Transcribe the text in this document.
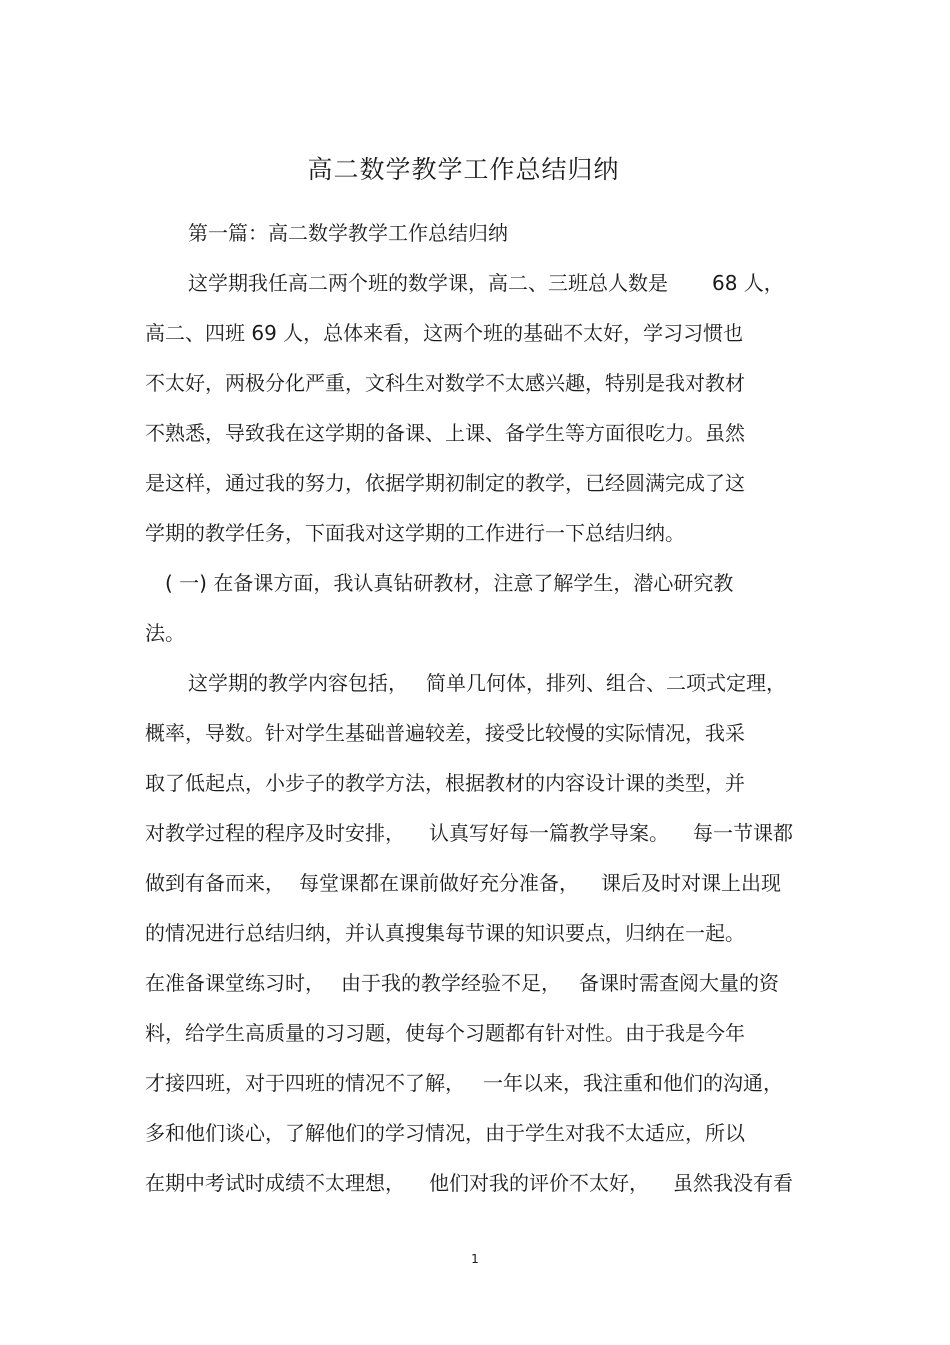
高二数学教学工作总结归纳
第一篇：高二数学教学工作总结归纳
这学期我任高二两个班的数学课，高二、三班总人数是 68 人，
高二、四班 69 人，总体来看，这两个班的基础不太好，学习习惯也
不太好，两极分化严重，文科生对数学不太感兴趣，特别是我对教材
不熟悉，导致我在这学期的备课、上课、备学生等方面很吃力。虽然
是这样，通过我的努力，依据学期初制定的教学，已经圆满完成了这
学期的教学任务，下面我对这学期的工作进行一下总结归纳。
( 一) 在备课方面，我认真钻研教材，注意了解学生，潜心研究教
法。
这学期的教学内容包括， 简单几何体，排列、组合、二项式定理，
概率，导数。针对学生基础普遍较差，接受比较慢的实际情况，我采
取了低起点，小步子的教学方法，根据教材的内容设计课的类型，并
对教学过程的程序及时安排， 认真写好每一篇教学导案。 每一节课都
做到有备而来， 每堂课都在课前做好充分准备， 课后及时对课上出现
的情况进行总结归纳，并认真搜集每节课的知识要点，归纳在一起。
在准备课堂练习时， 由于我的教学经验不足， 备课时需查阅大量的资
料，给学生高质量的习习题，使每个习题都有针对性。由于我是今年
才接四班，对于四班的情况不了解， 一年以来，我注重和他们的沟通，
多和他们谈心，了解他们的学习情况，由于学生对我不太适应，所以
在期中考试时成绩不太理想， 他们对我的评价不太好， 虽然我没有看
1
